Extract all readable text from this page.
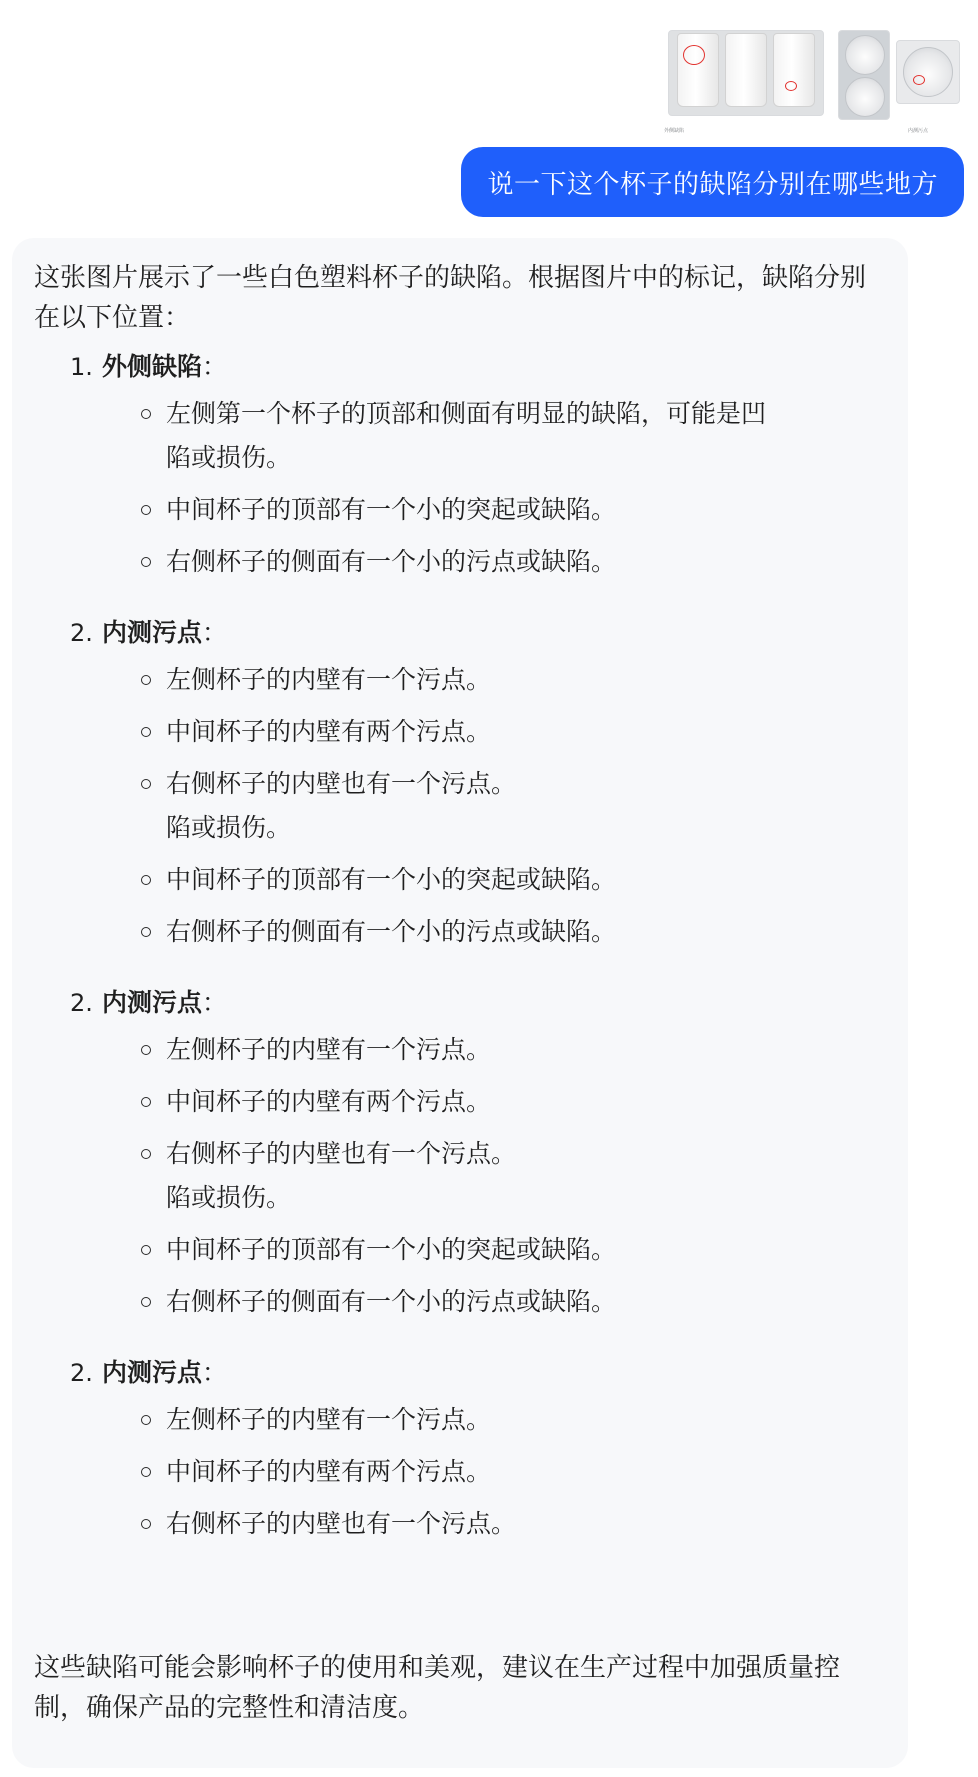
外侧缺陷	内测污点
说一下这个杯子的缺陷分别在哪些地方

这张图片展示了一些白色塑料杯子的缺陷。根据图片中的标记，缺陷分别在以下位置：

1. 外侧缺陷：
左侧第一个杯子的顶部和侧面有明显的缺陷，可能是凹
陷或损伤。
中间杯子的顶部有一个小的突起或缺陷。
右侧杯子的侧面有一个小的污点或缺陷。
2. 内测污点：
左侧杯子的内壁有一个污点。
中间杯子的内壁有两个污点。
右侧杯子的内壁也有一个污点。
陷或损伤。
中间杯子的顶部有一个小的突起或缺陷。
右侧杯子的侧面有一个小的污点或缺陷。
2. 内测污点：
左侧杯子的内壁有一个污点。
中间杯子的内壁有两个污点。
右侧杯子的内壁也有一个污点。
陷或损伤。
中间杯子的顶部有一个小的突起或缺陷。
右侧杯子的侧面有一个小的污点或缺陷。
2. 内测污点：
左侧杯子的内壁有一个污点。
中间杯子的内壁有两个污点。
右侧杯子的内壁也有一个污点。

这些缺陷可能会影响杯子的使用和美观，建议在生产过程中加强质量控制，确保产品的完整性和清洁度。
